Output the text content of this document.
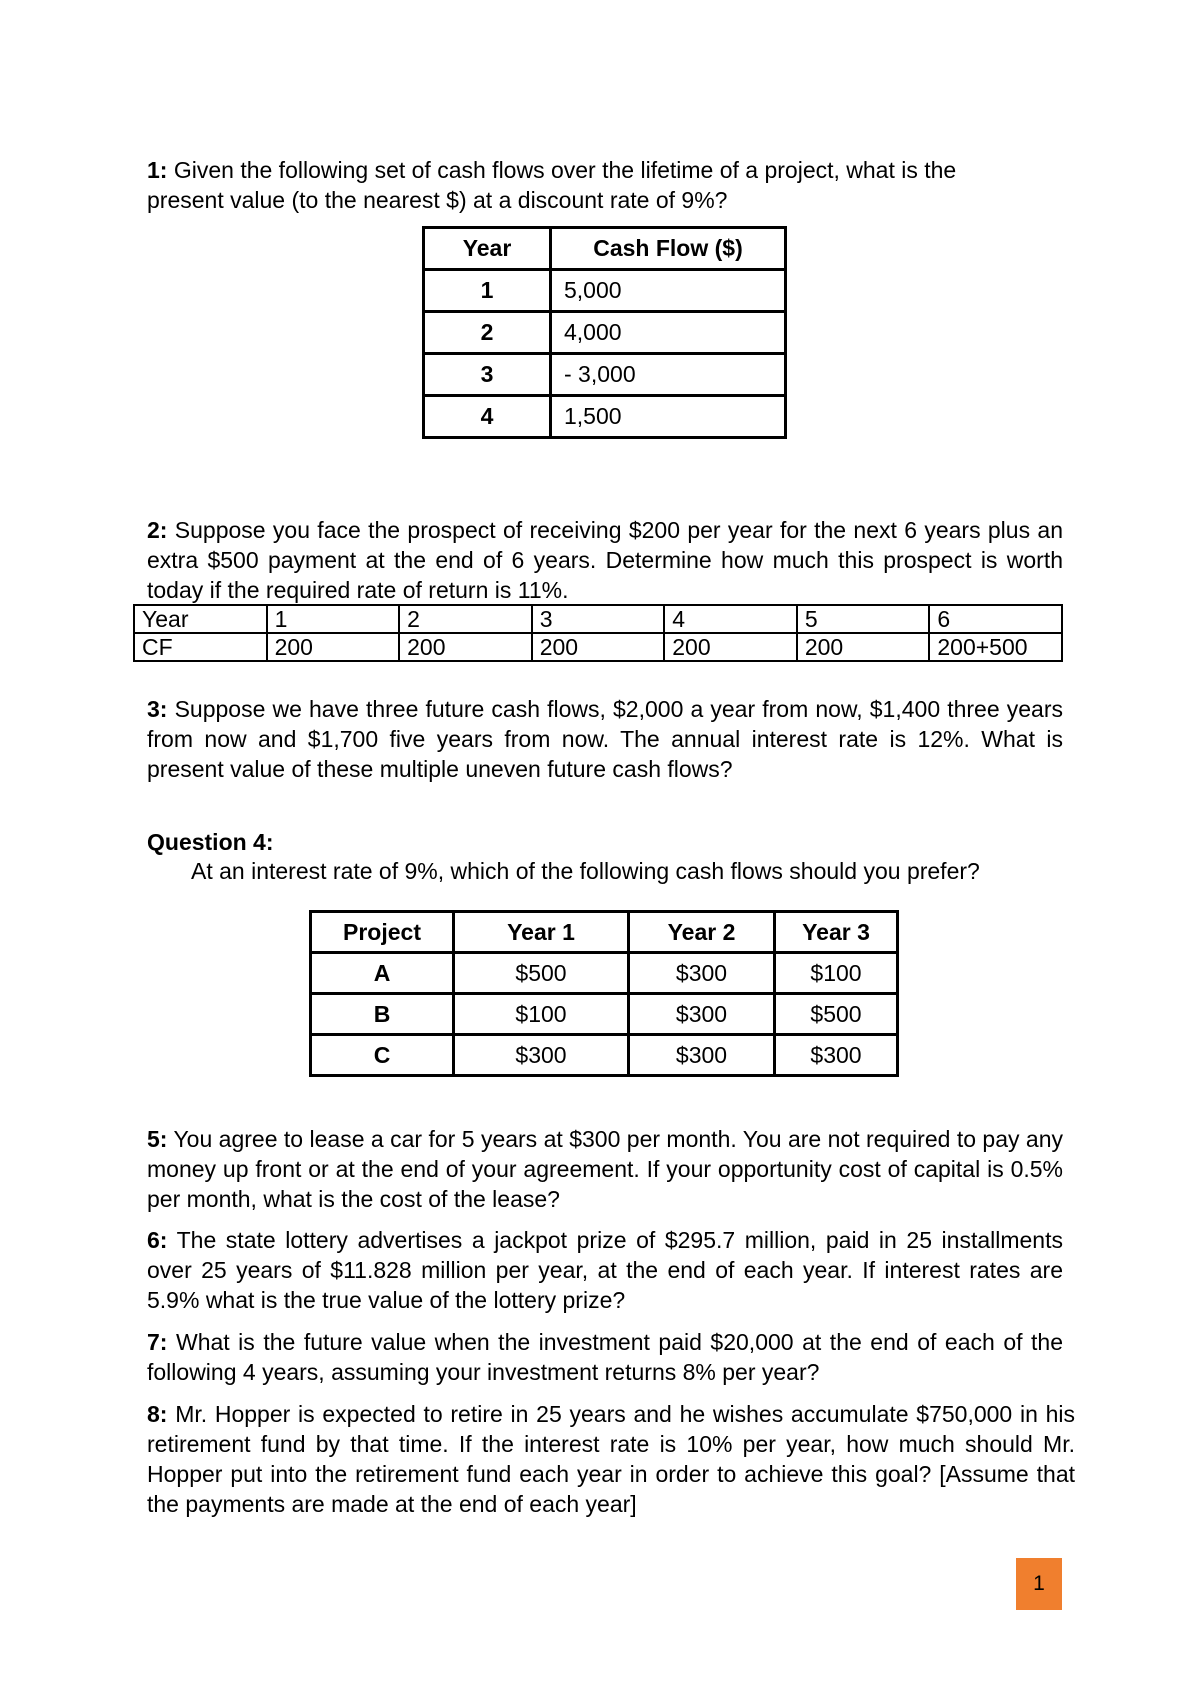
1: Given the following set of cash flows over the lifetime of a project, what is the present value (to the nearest $) at a discount rate of 9%?
Year	Cash Flow ($)
1	5,000
2	4,000
3	- 3,000
4	1,500
2: Suppose you face the prospect of receiving $200 per year for the next 6 years plus an extra $500 payment at the end of 6 years. Determine how much this prospect is worth today if the required rate of return is 11%.
Year	1	2	3	4	5	6
CF	200	200	200	200	200	200+500
3: Suppose we have three future cash flows, $2,000 a year from now, $1,400 three years from now and $1,700 five years from now. The annual interest rate is 12%. What is present value of these multiple uneven future cash flows?
Question 4:
At an interest rate of 9%, which of the following cash flows should you prefer?
Project	Year 1	Year 2	Year 3
A	$500	$300	$100
B	$100	$300	$500
C	$300	$300	$300
5: You agree to lease a car for 5 years at $300 per month. You are not required to pay any money up front or at the end of your agreement. If your opportunity cost of capital is 0.5% per month, what is the cost of the lease?
6: The state lottery advertises a jackpot prize of $295.7 million, paid in 25 installments over 25 years of $11.828 million per year, at the end of each year. If interest rates are 5.9% what is the true value of the lottery prize?
7: What is the future value when the investment paid $20,000 at the end of each of the following 4 years, assuming your investment returns 8% per year?
8: Mr. Hopper is expected to retire in 25 years and he wishes accumulate $750,000 in his retirement fund by that time. If the interest rate is 10% per year, how much should Mr. Hopper put into the retirement fund each year in order to achieve this goal? [Assume that the payments are made at the end of each year]
1
